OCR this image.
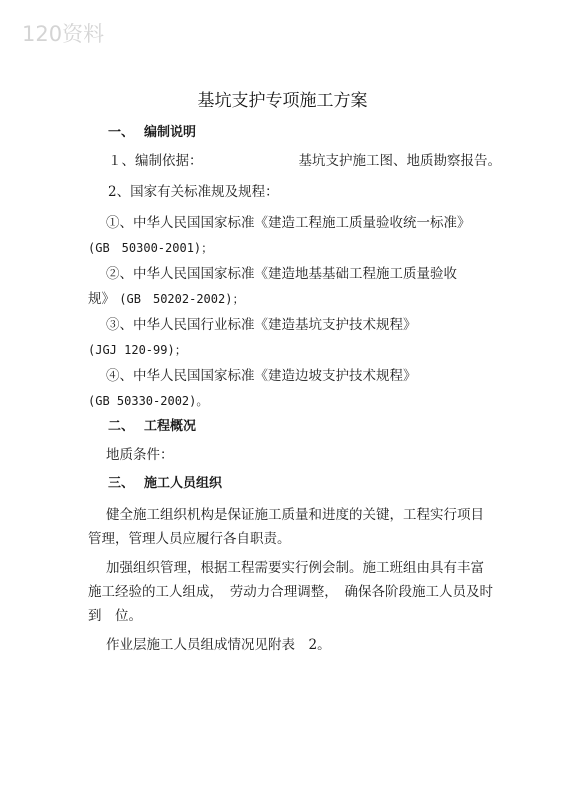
120资料
基坑支护专项施工方案
一、 编制说明
１、编制依据：	基坑支护施工图、地质勘察报告。
2、国家有关标准规及规程：
①、中华人民国国家标准《建造工程施工质量验收统一标准》
(GB　50300-2001)；
②、中华人民国国家标准《建造地基基础工程施工质量验收
规》 (GB　50202-2002)；
③、中华人民国行业标准《建造基坑支护技术规程》
(JGJ 120-99)；
④、中华人民国国家标准《建造边坡支护技术规程》
(GB 50330-2002)。
二、 工程概况
地质条件：
三、 施工人员组织
健全施工组织机构是保证施工质量和进度的关键，工程实行项目
管理，管理人员应履行各自职责。
加强组织管理，根据工程需要实行例会制。施工班组由具有丰富
施工经验的工人组成，　劳动力合理调整，　确保各阶段施工人员及时
到　位。
作业层施工人员组成情况见附表　2。
